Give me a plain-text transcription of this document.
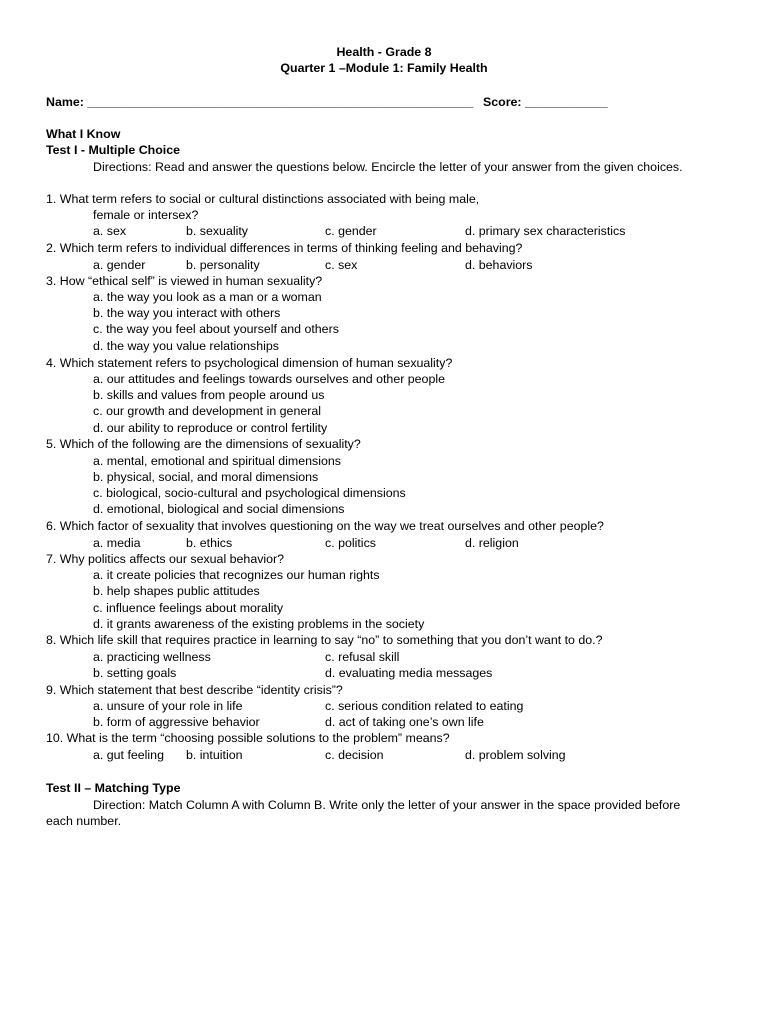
Health - Grade 8
Quarter 1 –Module 1: Family Health
Name: ________________________________________________________ Score: ____________
What I Know
Test I - Multiple Choice
Directions: Read and answer the questions below. Encircle the letter of your answer from the given choices.
1. What term refers to social or cultural distinctions associated with being male,
female or intersex?
a. sex	b. sexuality	c. gender	d. primary sex characteristics
2. Which term refers to individual differences in terms of thinking feeling and behaving?
a. gender	b. personality	c. sex	d. behaviors
3. How “ethical self” is viewed in human sexuality?
a. the way you look as a man or a woman
b. the way you interact with others
c. the way you feel about yourself and others
d. the way you value relationships
4. Which statement refers to psychological dimension of human sexuality?
a. our attitudes and feelings towards ourselves and other people
b. skills and values from people around us
c. our growth and development in general
d. our ability to reproduce or control fertility
5. Which of the following are the dimensions of sexuality?
a. mental, emotional and spiritual dimensions
b. physical, social, and moral dimensions
c. biological, socio-cultural and psychological dimensions
d. emotional, biological and social dimensions
6. Which factor of sexuality that involves questioning on the way we treat ourselves and other people?
a. media	b. ethics	c. politics	d. religion
7. Why politics affects our sexual behavior?
a. it create policies that recognizes our human rights
b. help shapes public attitudes
c. influence feelings about morality
d. it grants awareness of the existing problems in the society
8. Which life skill that requires practice in learning to say “no” to something that you don’t want to do.?
a. practicing wellness	c. refusal skill
b. setting goals	d. evaluating media messages
9. Which statement that best describe “identity crisis”?
a. unsure of your role in life	c. serious condition related to eating
b. form of aggressive behavior	d. act of taking one’s own life
10. What is the term “choosing possible solutions to the problem” means?
a. gut feeling b. intuition	c. decision	d. problem solving
Test II – Matching Type
Direction: Match Column A with Column B. Write only the letter of your answer in the space provided before
each number.
